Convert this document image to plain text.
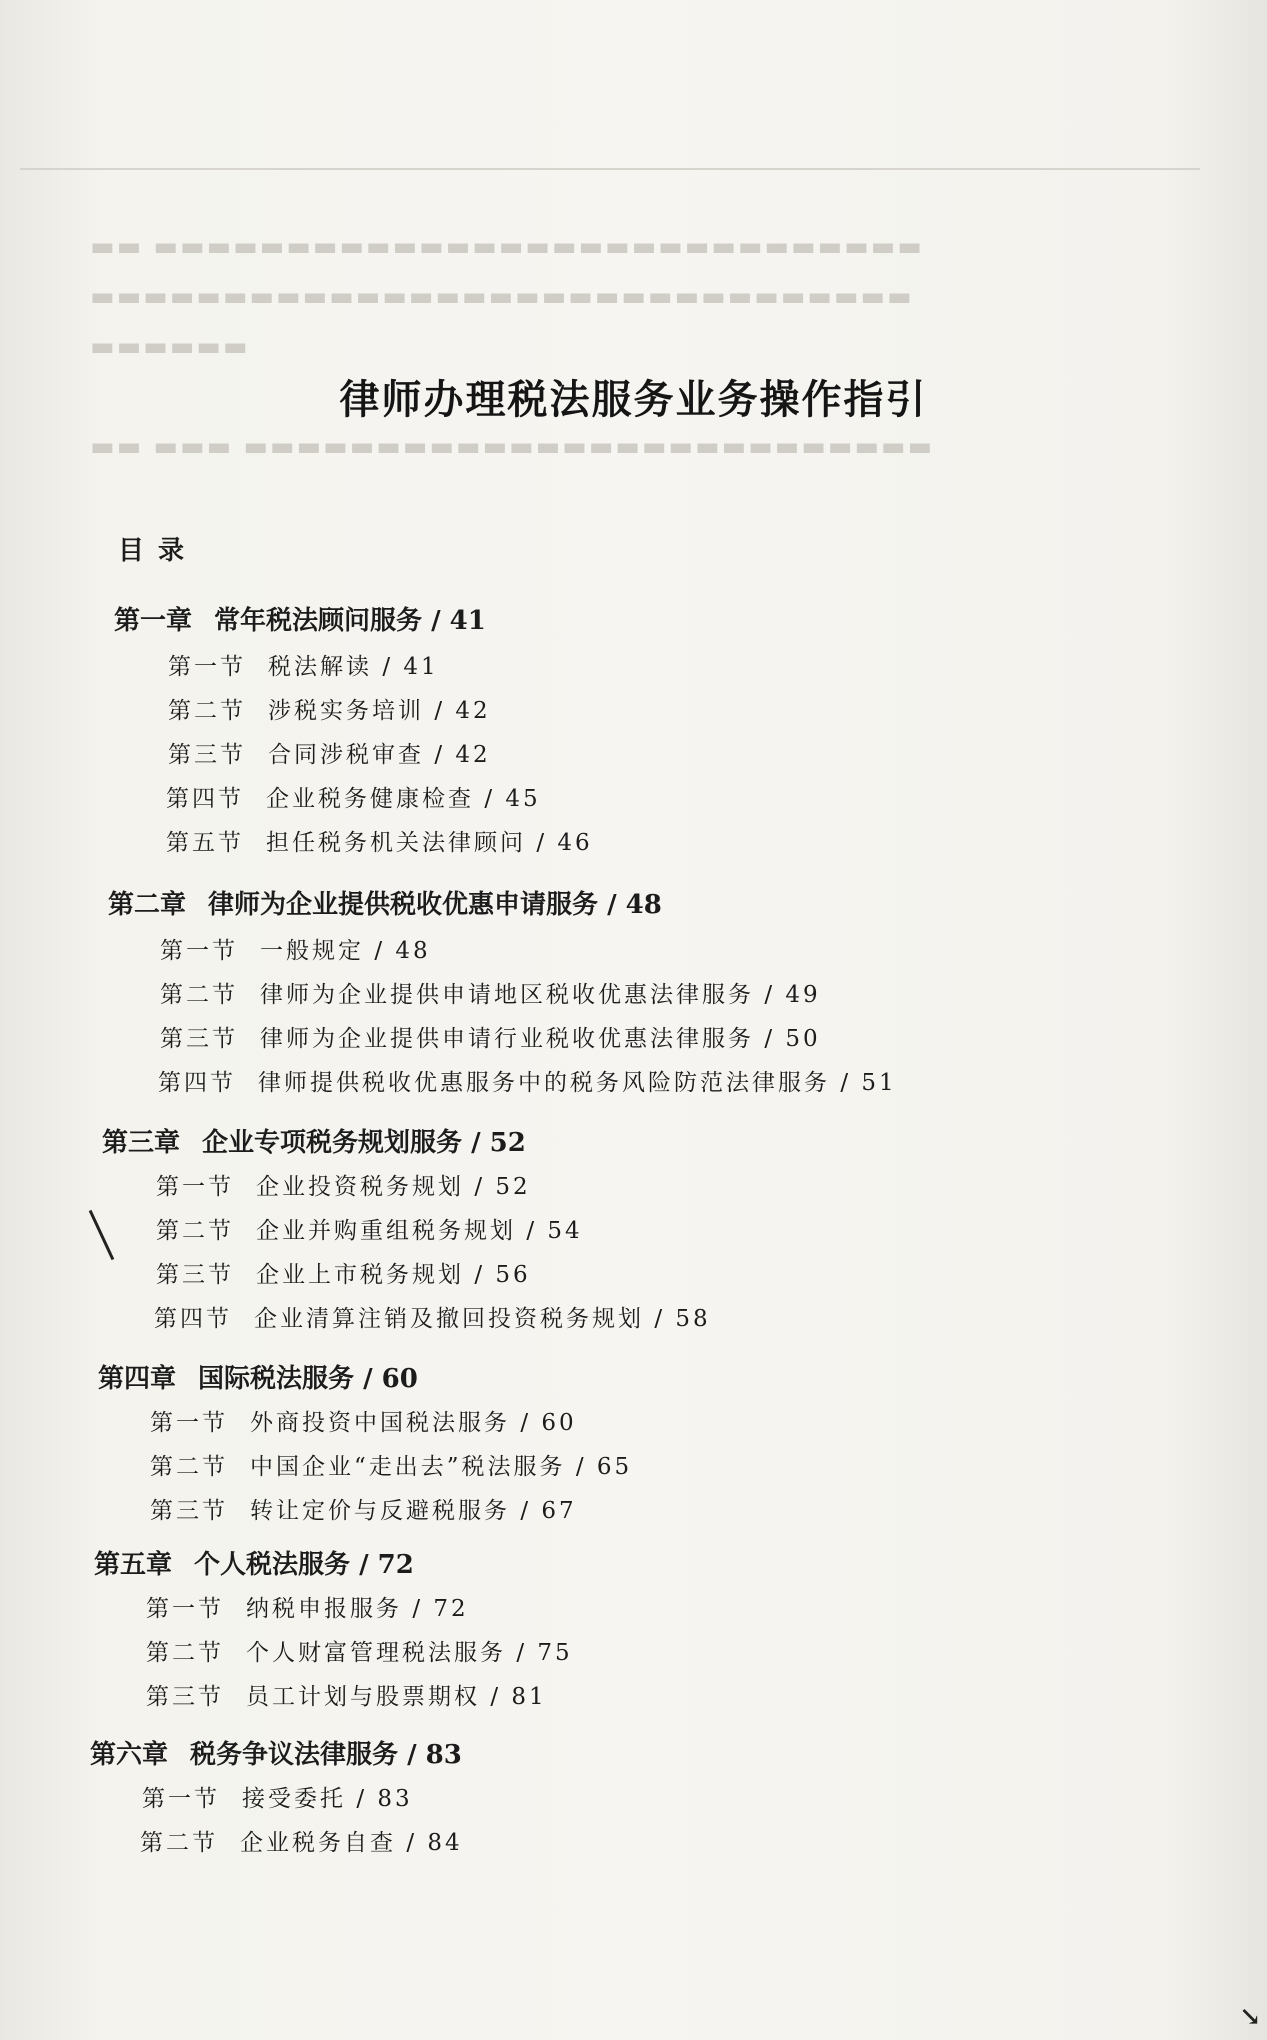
▬▬ ▬▬▬▬▬▬▬▬▬▬▬▬▬▬▬▬▬▬▬▬▬▬▬▬▬▬▬▬▬
▬▬▬▬▬▬▬▬▬▬▬▬▬▬▬▬▬▬▬▬▬▬▬▬▬▬▬▬▬▬▬
▬▬▬▬▬▬
▬▬ ▬▬▬ ▬▬▬▬▬▬▬▬▬▬▬▬▬▬▬▬▬▬▬▬▬▬▬▬▬▬
律师办理税法服务业务操作指引
目录
第一章 常年税法顾问服务 / 41
第一节 税法解读 / 41
第二节 涉税实务培训 / 42
第三节 合同涉税审查 / 42
第四节 企业税务健康检查 / 45
第五节 担任税务机关法律顾问 / 46
第二章 律师为企业提供税收优惠申请服务 / 48
第一节 一般规定 / 48
第二节 律师为企业提供申请地区税收优惠法律服务 / 49
第三节 律师为企业提供申请行业税收优惠法律服务 / 50
第四节 律师提供税收优惠服务中的税务风险防范法律服务 / 51
第三章 企业专项税务规划服务 / 52
第一节 企业投资税务规划 / 52
第二节 企业并购重组税务规划 / 54
第三节 企业上市税务规划 / 56
第四节 企业清算注销及撤回投资税务规划 / 58
第四章 国际税法服务 / 60
第一节 外商投资中国税法服务 / 60
第二节 中国企业“走出去”税法服务 / 65
第三节 转让定价与反避税服务 / 67
第五章 个人税法服务 / 72
第一节 纳税申报服务 / 72
第二节 个人财富管理税法服务 / 75
第三节 员工计划与股票期权 / 81
第六章 税务争议法律服务 / 83
第一节 接受委托 / 83
第二节 企业税务自查 / 84
↘
